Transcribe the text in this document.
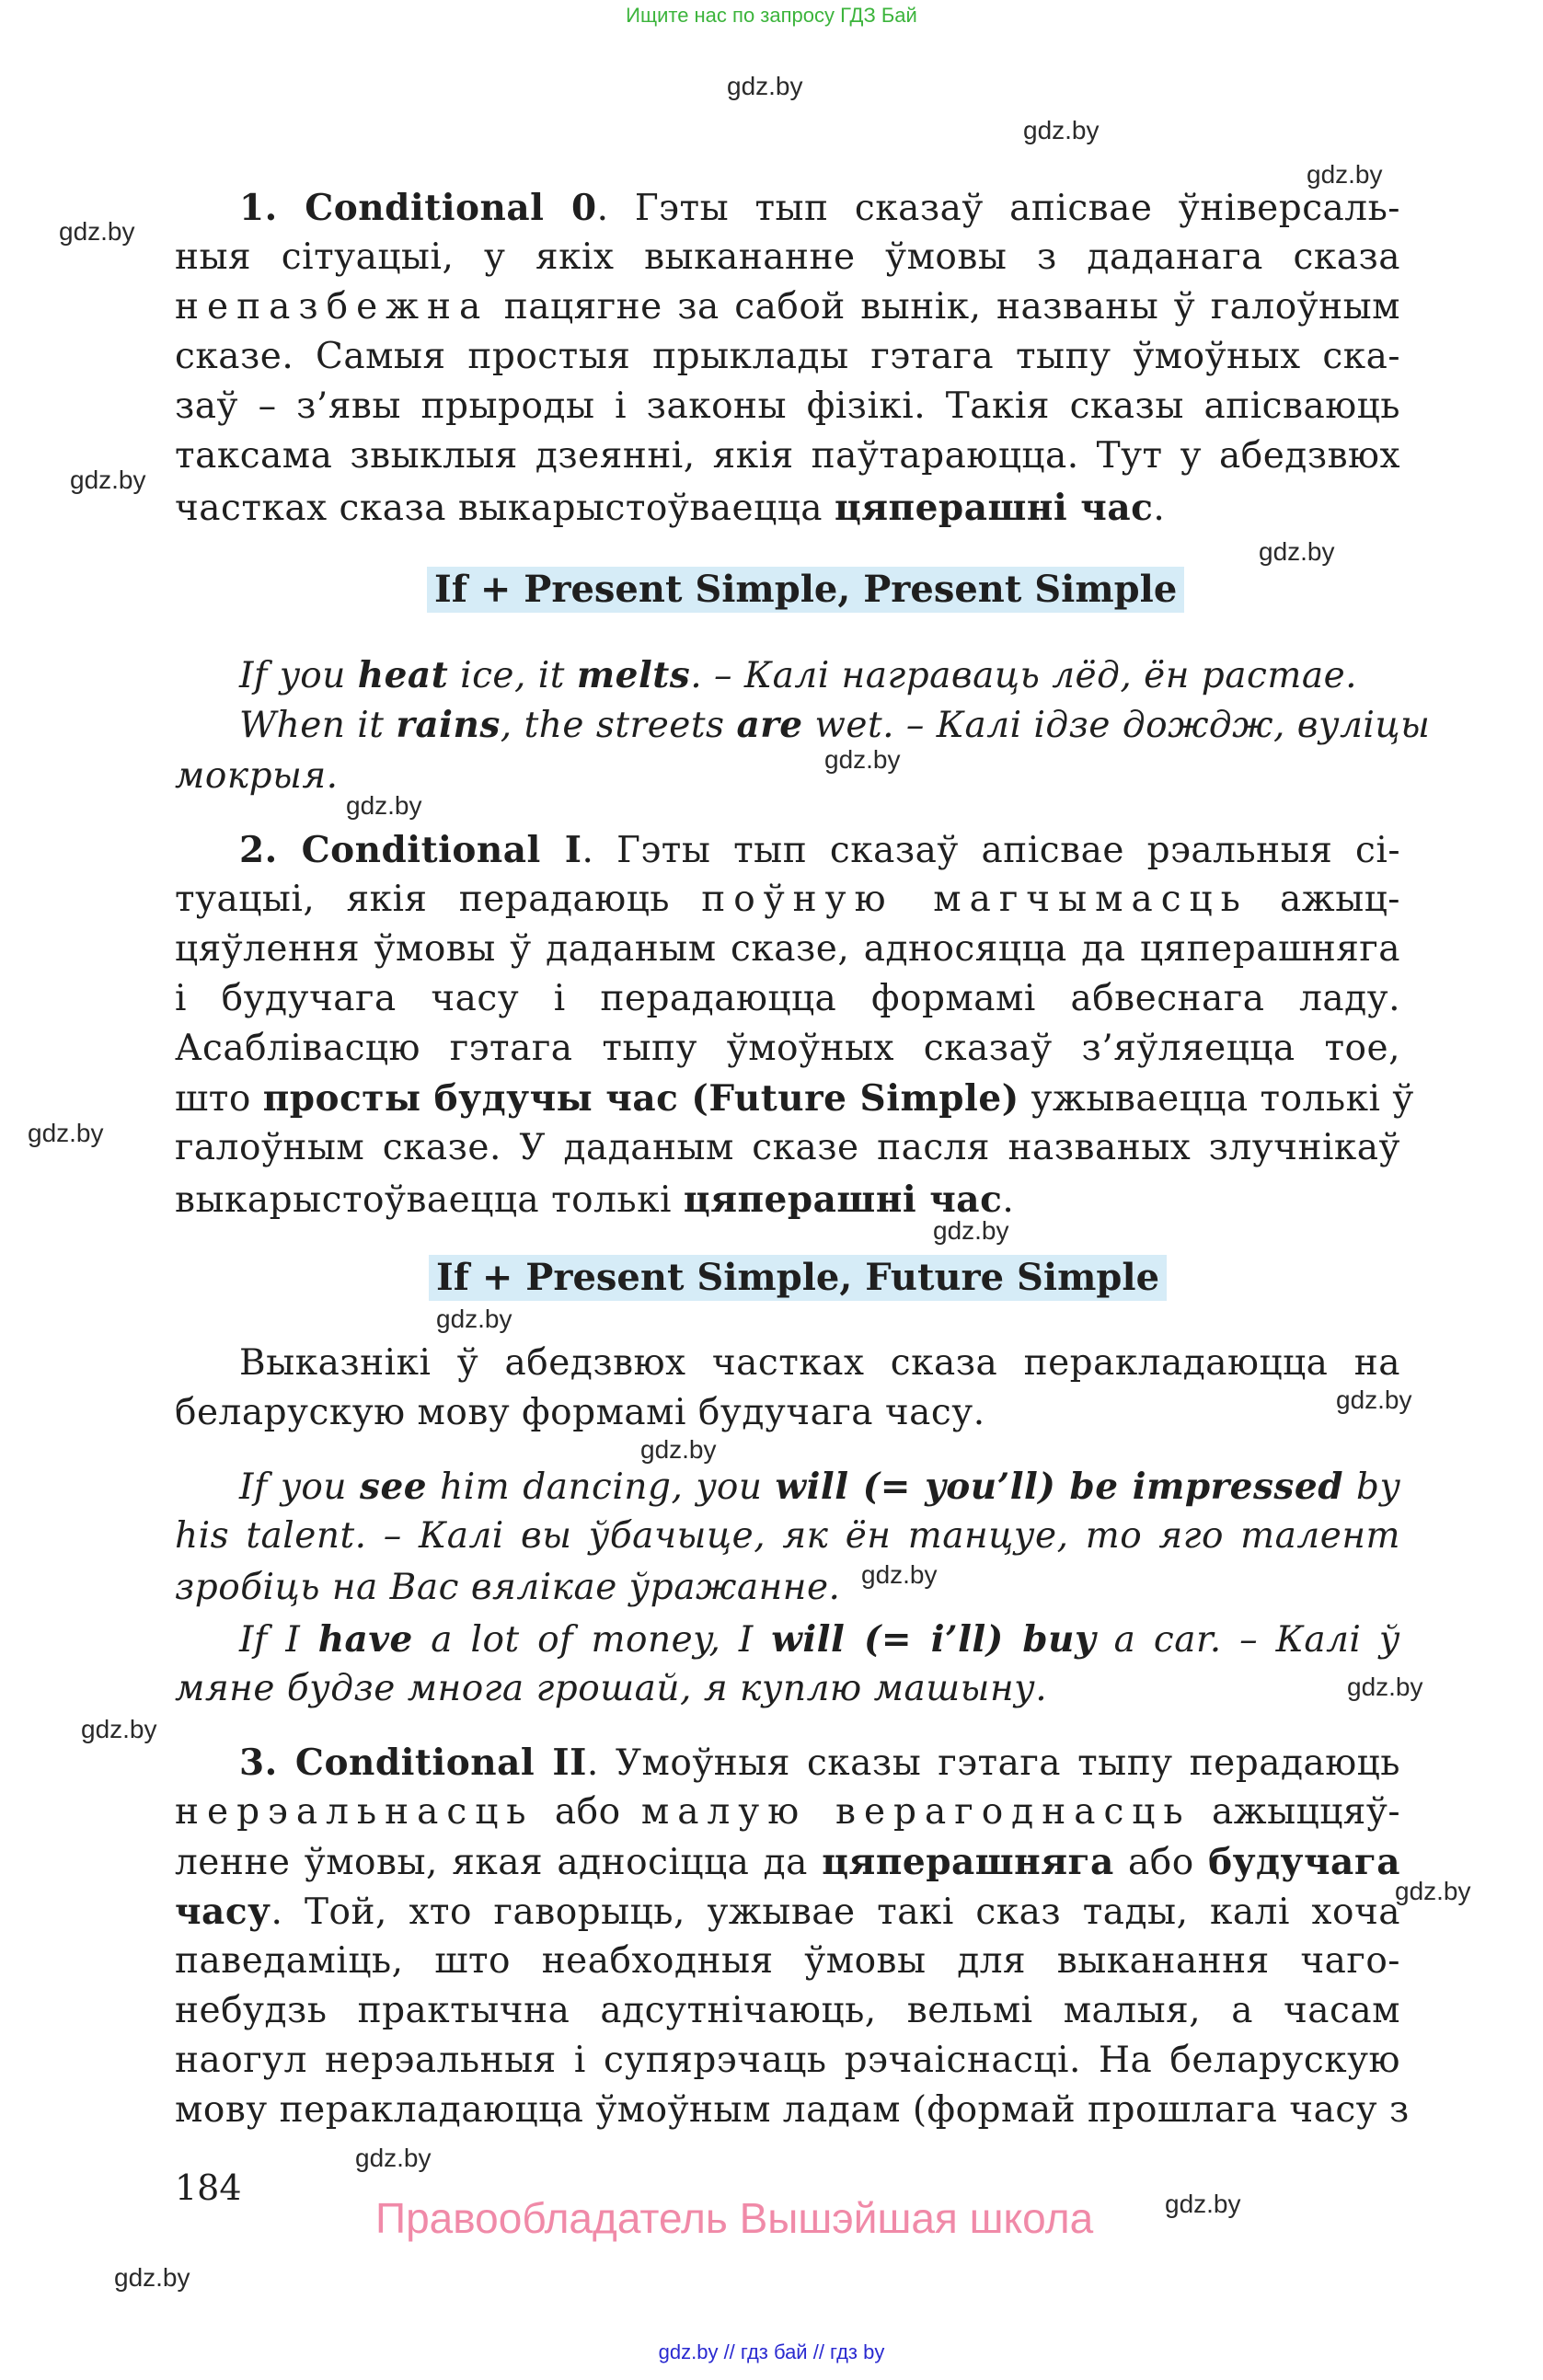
Ищите нас по запросу ГДЗ Бай
gdz.by
gdz.by
gdz.by
gdz.by
gdz.by
gdz.by
gdz.by
gdz.by
gdz.by
gdz.by
gdz.by
gdz.by
gdz.by
gdz.by
gdz.by
gdz.by
gdz.by
gdz.by
gdz.by
gdz.by
1. Conditional 0. Гэты тып сказаў апісвае ўніверсаль-
ныя сітуацыі, у якіх выкананне ўмовы з даданага сказа
непазбежна пацягне за сабой вынік, названы ў галоўным
сказе. Самыя простыя прыклады гэтага тыпу ўмоўных ска-
заў – з’явы прыроды і законы фізікі. Такія сказы апісваюць
таксама звыклыя дзеянні, якія паўтараюцца. Тут у абедзвюх
частках сказа выкарыстоўваецца цяперашні час.
If + Present Simple, Present Simple
If you heat ice, it melts. – Калі награваць лёд, ён растае.
When it rains, the streets are wet. – Калі ідзе дождж, вуліцы
мокрыя.
2. Conditional I. Гэты тып сказаў апісвае рэальныя сі-
туацыі, якія перадаюць поўную магчымасць ажыц-
цяўлення ўмовы ў даданым сказе, адносяцца да цяперашняга
і будучага часу і перадаюцца формамі абвеснага ладу.
Асаблівасцю гэтага тыпу ўмоўных сказаў з’яўляецца тое,
што просты будучы час (Future Simple) ужываецца толькі ў
галоўным сказе. У даданым сказе пасля названых злучнікаў
выкарыстоўваецца толькі цяперашні час.
If + Present Simple, Future Simple
Выказнікі ў абедзвюх частках сказа перакладаюцца на
беларускую мову формамі будучага часу.
If you see him dancing, you will (= you’ll) be impressed by
his talent. – Калі вы ўбачыце, як ён танцуе, то яго талент
зробіць на Вас вялікае ўражанне.
If I have a lot of money, I will (= i’ll) buy a car. – Калі ў
мяне будзе многа грошай, я куплю машыну.
3. Conditional II. Умоўныя сказы гэтага тыпу перадаюць
нерэальнасць або малую верагоднасць ажыццяў-
ленне ўмовы, якая адносіцца да цяперашняга або будучага
часу. Той, хто гаворыць, ужывае такі сказ тады, калі хоча
паведаміць, што неабходныя ўмовы для выканання чаго-
небудзь практычна адсутнічаюць, вельмі малыя, а часам
наогул нерэальныя і супярэчаць рэчаіснасці. На беларускую
мову перакладаюцца ўмоўным ладам (формай прошлага часу з
184
Правообладатель Вышэйшая школа
gdz.by // гдз бай // гдз by
